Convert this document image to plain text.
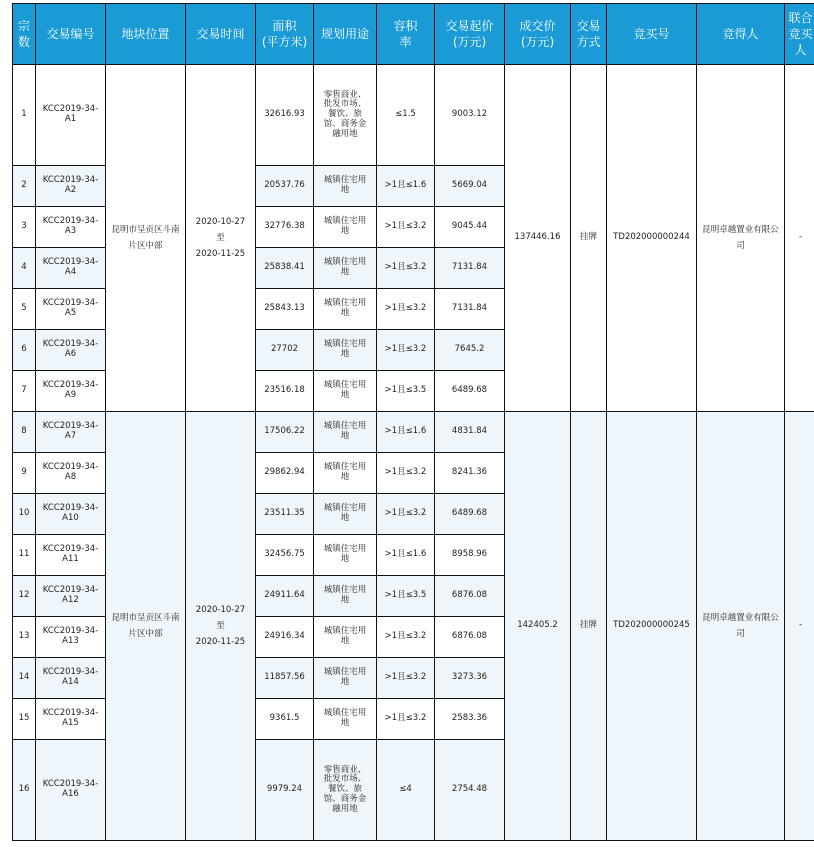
宗
数	交易编号	地块位置	交易时间	面积
(平方米)	规划用途	容积
率	交易起价
(万元)	成交价
(万元)	交易
方式	竞买号	竞得人	联合
竞买
人
1	KCC2019-34-
A1	昆明市呈贡区斗南片区中部	2020-10-27
至
2020-11-25	32616.93	零售商业、
批发市场、
餐饮、旅
馆、商务金
融用地	≤1.5	9003.12	137446.16	挂牌	TD202000000244	昆明卓越置业有限公司	-
2	KCC2019-34-
A2			20537.76	城镇住宅用
地	>1且≤1.6	5669.04					
3	KCC2019-34-
A3			32776.38	城镇住宅用
地	>1且≤3.2	9045.44					
4	KCC2019-34-
A4			25838.41	城镇住宅用
地	>1且≤3.2	7131.84					
5	KCC2019-34-
A5			25843.13	城镇住宅用
地	>1且≤3.2	7131.84					
6	KCC2019-34-
A6			27702	城镇住宅用
地	>1且≤3.2	7645.2					
7	KCC2019-34-
A9			23516.18	城镇住宅用
地	>1且≤3.5	6489.68					
8	KCC2019-34-
A7	昆明市呈贡区斗南片区中部	2020-10-27
至
2020-11-25	17506.22	城镇住宅用
地	>1且≤1.6	4831.84	142405.2	挂牌	TD202000000245	昆明卓越置业有限公司	-
9	KCC2019-34-
A8			29862.94	城镇住宅用
地	>1且≤3.2	8241.36					
10	KCC2019-34-
A10			23511.35	城镇住宅用
地	>1且≤3.2	6489.68					
11	KCC2019-34-
A11			32456.75	城镇住宅用
地	>1且≤1.6	8958.96					
12	KCC2019-34-
A12			24911.64	城镇住宅用
地	>1且≤3.5	6876.08					
13	KCC2019-34-
A13			24916.34	城镇住宅用
地	>1且≤3.2	6876.08					
14	KCC2019-34-
A14			11857.56	城镇住宅用
地	>1且≤3.2	3273.36					
15	KCC2019-34-
A15			9361.5	城镇住宅用
地	>1且≤3.2	2583.36					
16	KCC2019-34-
A16			9979.24	零售商业、
批发市场、
餐饮、旅
馆、商务金
融用地	≤4	2754.48					
